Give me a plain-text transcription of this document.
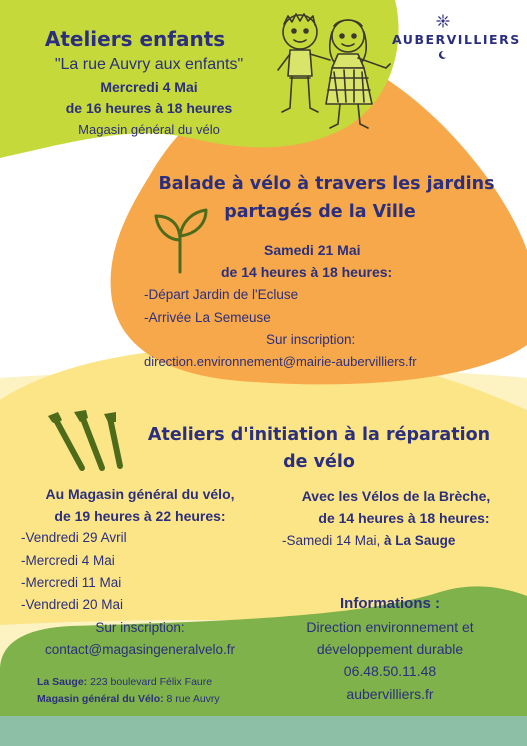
AUBERVILLIERS
Ateliers enfants
"La rue Auvry aux enfants"
Mercredi 4 Mai
de 16 heures à 18 heures
Magasin général du vélo
Balade à vélo à travers les jardins
partagés de la Ville
Samedi 21 Mai
de 14 heures à 18 heures:
-Départ Jardin de l'Ecluse
-Arrivée La Semeuse
Sur inscription:
direction.environnement@mairie-aubervilliers.fr
Ateliers d'initiation à la réparation
de vélo
Au Magasin général du vélo,
de 19 heures à 22 heures:
-Vendredi 29 Avril
-Mercredi 4 Mai
-Mercredi 11 Mai
-Vendredi 20 Mai
Sur inscription:
contact@magasingeneralvelo.fr
Avec les Vélos de la Brèche,
de 14 heures à 18 heures:
-Samedi 14 Mai, à La Sauge
Informations :
Direction environnement et
développement durable
06.48.50.11.48
aubervilliers.fr
La Sauge: 223 boulevard Félix Faure
Magasin général du Vélo: 8 rue Auvry
